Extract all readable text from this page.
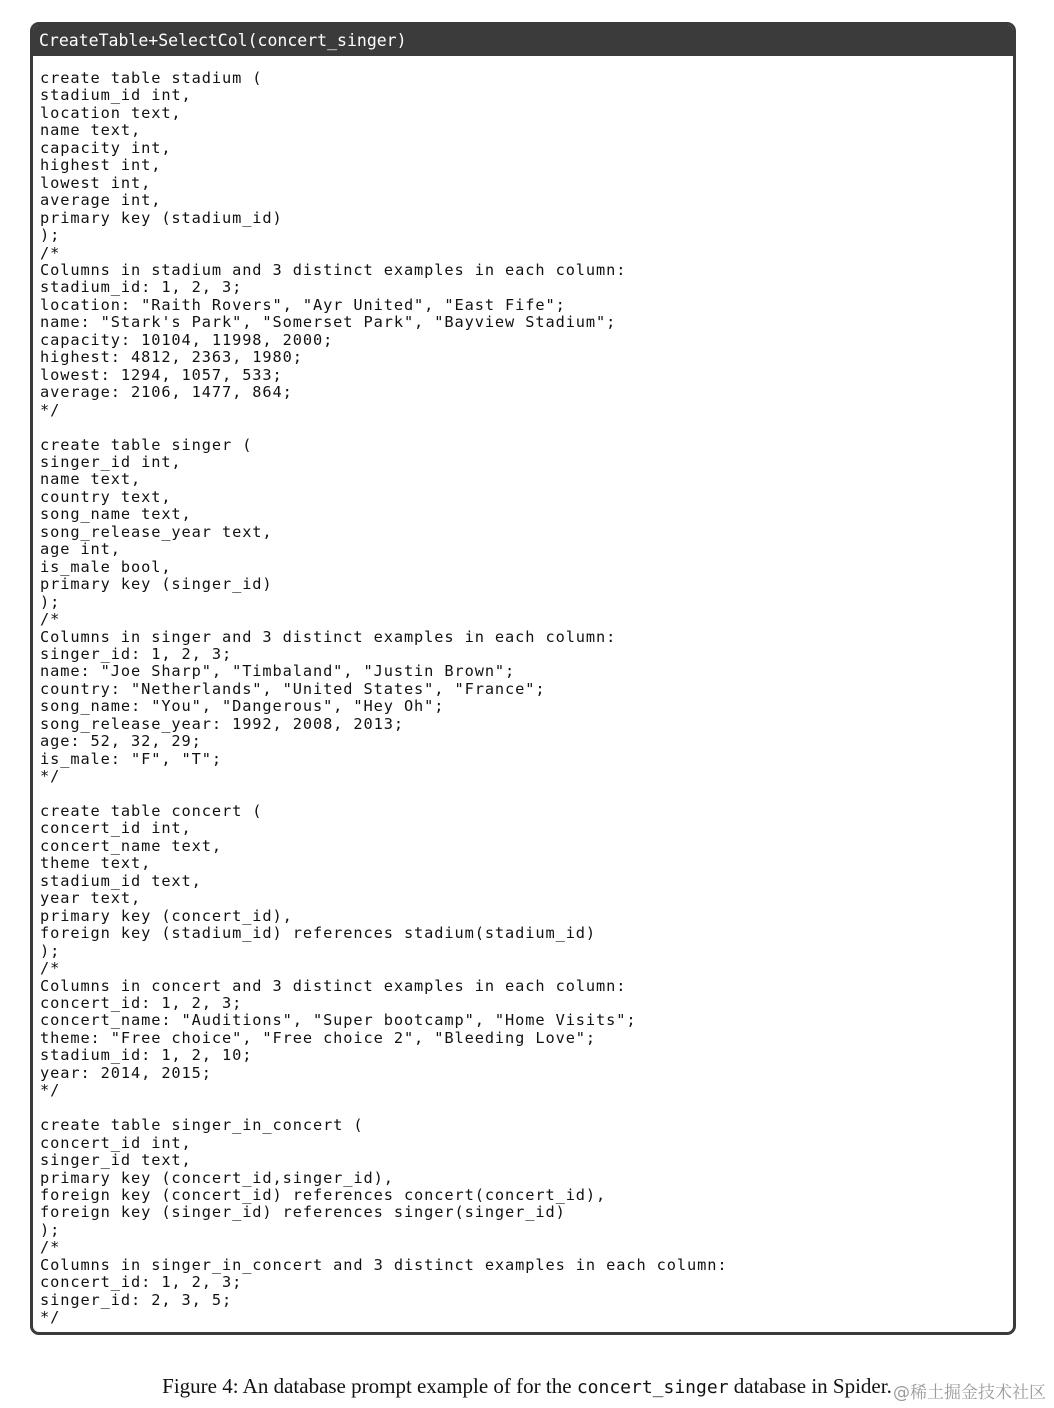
CreateTable+SelectCol(concert_singer)
create table stadium (
stadium_id int,
location text,
name text,
capacity int,
highest int,
lowest int,
average int,
primary key (stadium_id)
);
/*
Columns in stadium and 3 distinct examples in each column:
stadium_id: 1, 2, 3;
location: "Raith Rovers", "Ayr United", "East Fife";
name: "Stark's Park", "Somerset Park", "Bayview Stadium";
capacity: 10104, 11998, 2000;
highest: 4812, 2363, 1980;
lowest: 1294, 1057, 533;
average: 2106, 1477, 864;
*/

create table singer (
singer_id int,
name text,
country text,
song_name text,
song_release_year text,
age int,
is_male bool,
primary key (singer_id)
);
/*
Columns in singer and 3 distinct examples in each column:
singer_id: 1, 2, 3;
name: "Joe Sharp", "Timbaland", "Justin Brown";
country: "Netherlands", "United States", "France";
song_name: "You", "Dangerous", "Hey Oh";
song_release_year: 1992, 2008, 2013;
age: 52, 32, 29;
is_male: "F", "T";
*/

create table concert (
concert_id int,
concert_name text,
theme text,
stadium_id text,
year text,
primary key (concert_id),
foreign key (stadium_id) references stadium(stadium_id)
);
/*
Columns in concert and 3 distinct examples in each column:
concert_id: 1, 2, 3;
concert_name: "Auditions", "Super bootcamp", "Home Visits";
theme: "Free choice", "Free choice 2", "Bleeding Love";
stadium_id: 1, 2, 10;
year: 2014, 2015;
*/

create table singer_in_concert (
concert_id int,
singer_id text,
primary key (concert_id,singer_id),
foreign key (concert_id) references concert(concert_id),
foreign key (singer_id) references singer(singer_id)
);
/*
Columns in singer_in_concert and 3 distinct examples in each column:
concert_id: 1, 2, 3;
singer_id: 2, 3, 5;
*/
Figure 4: An database prompt example of for the concert_singer database in Spider. @稀土掘金技术社区
